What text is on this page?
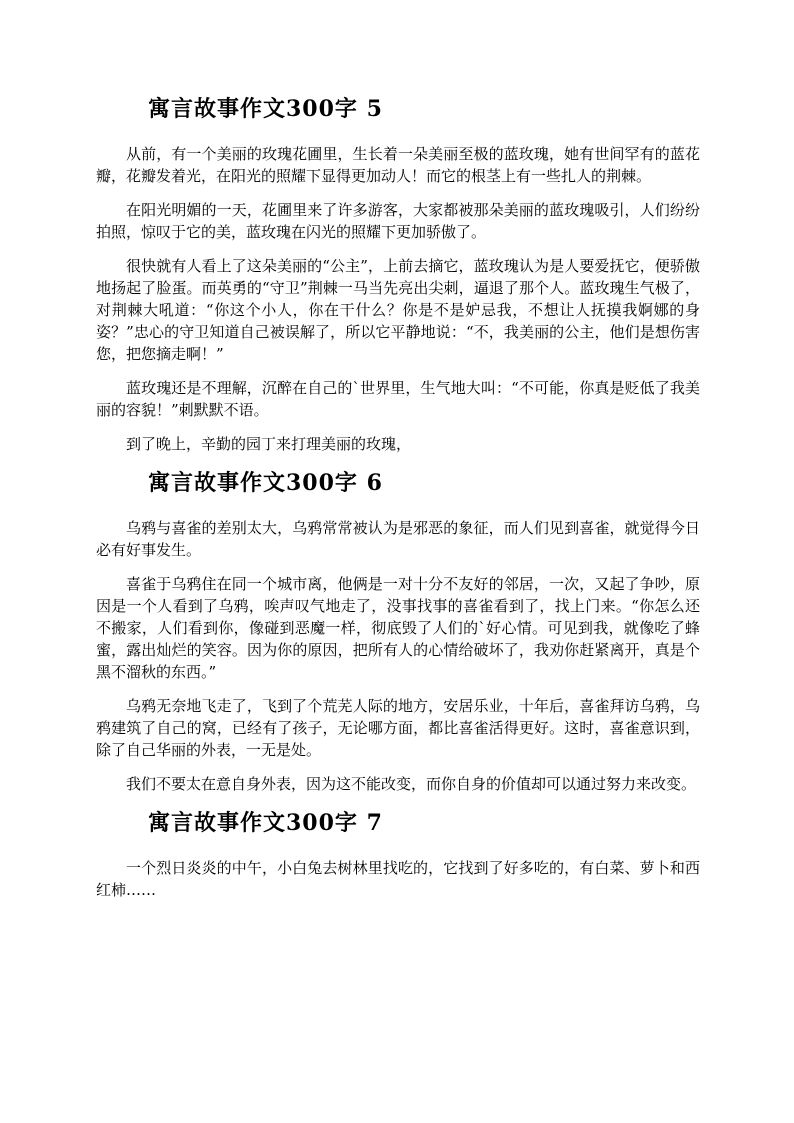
寓言故事作文300字 5

从前，有一个美丽的玫瑰花圃里，生长着一朵美丽至极的蓝玫瑰，她有世间罕有的蓝花瓣，花瓣发着光，在阳光的照耀下显得更加动人！而它的根茎上有一些扎人的荆棘。

在阳光明媚的一天，花圃里来了许多游客，大家都被那朵美丽的蓝玫瑰吸引，人们纷纷拍照，惊叹于它的美，蓝玫瑰在闪光的照耀下更加骄傲了。

很快就有人看上了这朵美丽的“公主”，上前去摘它，蓝玫瑰认为是人要爱抚它，便骄傲地扬起了脸蛋。而英勇的“守卫”荆棘一马当先亮出尖刺，逼退了那个人。蓝玫瑰生气极了，对荆棘大吼道：“你这个小人，你在干什么？你是不是妒忌我，不想让人抚摸我婀娜的身姿？”忠心的守卫知道自己被误解了，所以它平静地说：“不，我美丽的公主，他们是想伤害您，把您摘走啊！”

蓝玫瑰还是不理解，沉醉在自己的`世界里，生气地大叫：“不可能，你真是贬低了我美丽的容貌！”刺默默不语。

到了晚上，辛勤的园丁来打理美丽的玫瑰，

寓言故事作文300字 6

乌鸦与喜雀的差别太大，乌鸦常常被认为是邪恶的象征，而人们见到喜雀，就觉得今日必有好事发生。

喜雀于乌鸦住在同一个城市离，他俩是一对十分不友好的邻居，一次，又起了争吵，原因是一个人看到了乌鸦，唉声叹气地走了，没事找事的喜雀看到了，找上门来。“你怎么还不搬家，人们看到你，像碰到恶魔一样，彻底毁了人们的`好心情。可见到我，就像吃了蜂蜜，露出灿烂的笑容。因为你的原因，把所有人的心情给破坏了，我劝你赶紧离开，真是个黑不溜秋的东西。”

乌鸦无奈地飞走了，飞到了个荒芜人际的地方，安居乐业，十年后，喜雀拜访乌鸦，乌鸦建筑了自己的窝，已经有了孩子，无论哪方面，都比喜雀活得更好。这时，喜雀意识到，除了自己华丽的外表，一无是处。

我们不要太在意自身外表，因为这不能改变，而你自身的价值却可以通过努力来改变。

寓言故事作文300字 7

一个烈日炎炎的中午，小白兔去树林里找吃的，它找到了好多吃的，有白菜、萝卜和西红柿……
